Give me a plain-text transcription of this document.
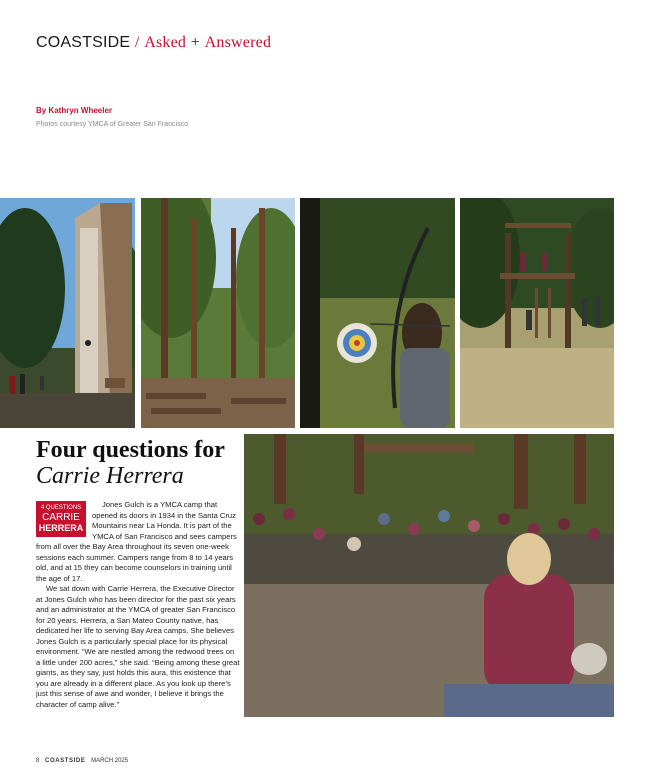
COASTSIDE / Asked + Answered
By Kathryn Wheeler
Photos courtesy YMCA of Greater San Francisco
Four questions for
Carrie Herrera
4 QUESTIONS
CARRIE
HERRERA

Jones Gulch is a YMCA camp that opened its doors in 1934 in the Santa Cruz Mountains near La Honda. It is part of the YMCA of San Francisco and sees campers from all over the Bay Area throughout its seven one-week sessions each summer. Campers range from 8 to 14 years old, and at 15 they can become counselors in training until the age of 17.

We sat down with Carrie Herrera, the Executive Director at Jones Gulch who has been director for the past six years and an administrator at the YMCA of greater San Francisco for 20 years. Herrera, a San Mateo County native, has dedicated her life to serving Bay Area camps. She believes Jones Gulch is a particularly special place for its physical environment. “We are nestled among the redwood trees on a little under 200 acres,” she said. “Being among these great giants, as they say, just holds this aura, this existence that you are already in a different place. As you look up there’s just this sense of awe and wonder, I believe it brings the character of camp alive.”

8 COASTSIDE MARCH 2025
